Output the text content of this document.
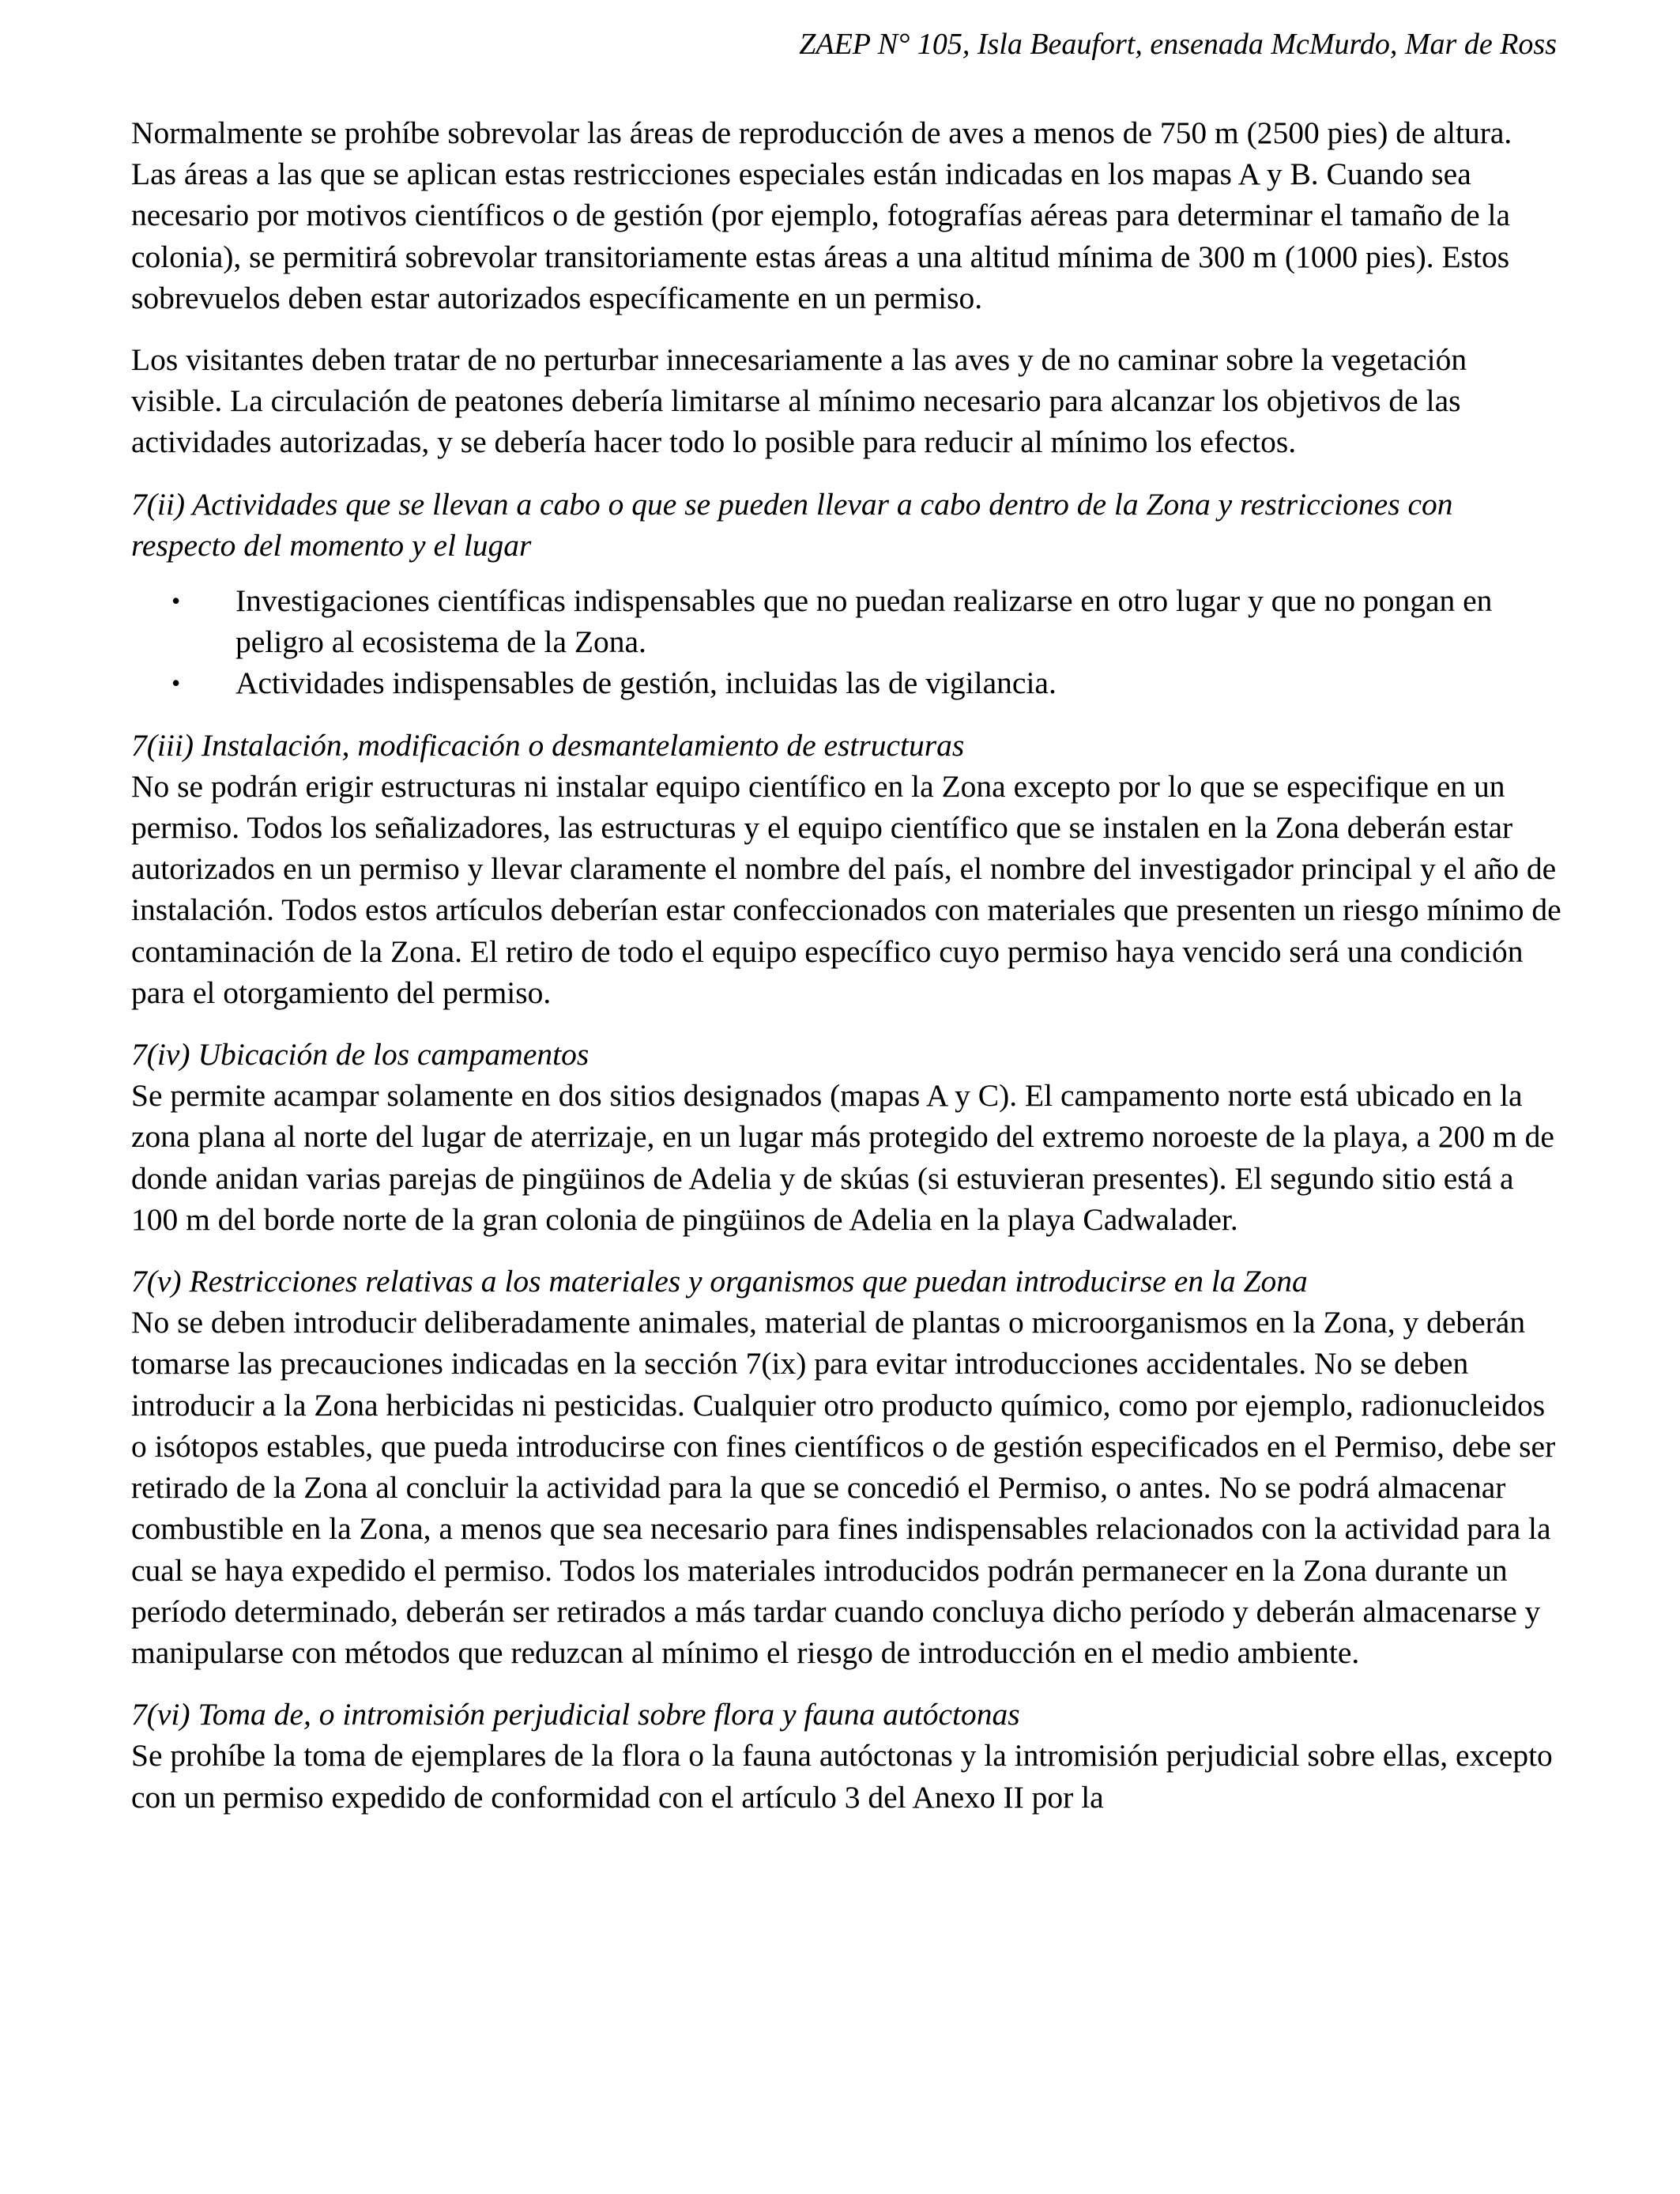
ZAEP N° 105, Isla Beaufort, ensenada McMurdo, Mar de Ross

Normalmente se prohíbe sobrevolar las áreas de reproducción de aves a menos de 750 m (2500 pies) de altura. Las áreas a las que se aplican estas restricciones especiales están indicadas en los mapas A y B. Cuando sea necesario por motivos científicos o de gestión (por ejemplo, fotografías aéreas para determinar el tamaño de la colonia), se permitirá sobrevolar transitoriamente estas áreas a una altitud mínima de 300 m (1000 pies). Estos sobrevuelos deben estar autorizados específicamente en un permiso.

Los visitantes deben tratar de no perturbar innecesariamente a las aves y de no caminar sobre la vegetación visible. La circulación de peatones debería limitarse al mínimo necesario para alcanzar los objetivos de las actividades autorizadas, y se debería hacer todo lo posible para reducir al mínimo los efectos.

7(ii) Actividades que se llevan a cabo o que se pueden llevar a cabo dentro de la Zona y restricciones con respecto del momento y el lugar
• Investigaciones científicas indispensables que no puedan realizarse en otro lugar y que no pongan en peligro al ecosistema de la Zona.
• Actividades indispensables de gestión, incluidas las de vigilancia.
7(iii) Instalación, modificación o desmantelamiento de estructuras
No se podrán erigir estructuras ni instalar equipo científico en la Zona excepto por lo que se especifique en un permiso. Todos los señalizadores, las estructuras y el equipo científico que se instalen en la Zona deberán estar autorizados en un permiso y llevar claramente el nombre del país, el nombre del investigador principal y el año de instalación. Todos estos artículos deberían estar confeccionados con materiales que presenten un riesgo mínimo de contaminación de la Zona. El retiro de todo el equipo específico cuyo permiso haya vencido será una condición para el otorgamiento del permiso.
7(iv) Ubicación de los campamentos
Se permite acampar solamente en dos sitios designados (mapas A y C). El campamento norte está ubicado en la zona plana al norte del lugar de aterrizaje, en un lugar más protegido del extremo noroeste de la playa, a 200 m de donde anidan varias parejas de pingüinos de Adelia y de skúas (si estuvieran presentes). El segundo sitio está a 100 m del borde norte de la gran colonia de pingüinos de Adelia en la playa Cadwalader.
7(v) Restricciones relativas a los materiales y organismos que puedan introducirse en la Zona
No se deben introducir deliberadamente animales, material de plantas o microorganismos en la Zona, y deberán tomarse las precauciones indicadas en la sección 7(ix) para evitar introducciones accidentales. No se deben introducir a la Zona herbicidas ni pesticidas. Cualquier otro producto químico, como por ejemplo, radionucleidos o isótopos estables, que pueda introducirse con fines científicos o de gestión especificados en el Permiso, debe ser retirado de la Zona al concluir la actividad para la que se concedió el Permiso, o antes. No se podrá almacenar combustible en la Zona, a menos que sea necesario para fines indispensables relacionados con la actividad para la cual se haya expedido el permiso. Todos los materiales introducidos podrán permanecer en la Zona durante un período determinado, deberán ser retirados a más tardar cuando concluya dicho período y deberán almacenarse y manipularse con métodos que reduzcan al mínimo el riesgo de introducción en el medio ambiente.
7(vi) Toma de, o intromisión perjudicial sobre flora y fauna autóctonas
Se prohíbe la toma de ejemplares de la flora o la fauna autóctonas y la intromisión perjudicial sobre ellas, excepto con un permiso expedido de conformidad con el artículo 3 del Anexo II por la
